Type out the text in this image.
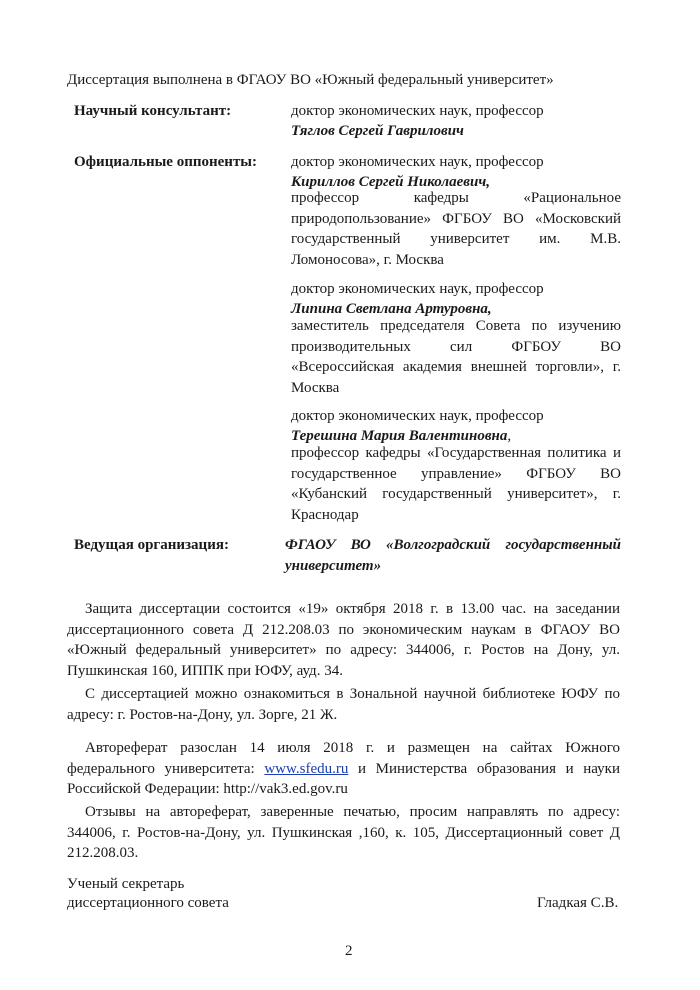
Диссертация выполнена в ФГАОУ ВО «Южный федеральный университет»
Научный консультант:	доктор экономических наук, профессор
Тяглов Сергей Гаврилович
Официальные оппоненты: доктор экономических наук, профессор
Кириллов Сергей Николаевич,
профессор кафедры «Рациональное природопользование» ФГБОУ ВО «Московский государственный университет им. М.В. Ломоносова», г. Москва
доктор экономических наук, профессор
Липина Светлана Артуровна,
заместитель председателя Совета по изучению производительных сил ФГБОУ ВО «Всероссийская академия внешней торговли», г. Москва
доктор экономических наук, профессор
Терешина Мария Валентиновна,
профессор кафедры «Государственная политика и государственное управление» ФГБОУ ВО «Кубанский государственный университет», г. Краснодар
Ведущая организация:	ФГАОУ ВО «Волгоградский государственный университет»
Защита диссертации состоится «19» октября 2018 г. в 13.00 час. на заседании диссертационного совета Д 212.208.03 по экономическим наукам в ФГАОУ ВО «Южный федеральный университет» по адресу: 344006, г. Ростов на Дону, ул. Пушкинская 160, ИППК при ЮФУ, ауд. 34.
С диссертацией можно ознакомиться в Зональной научной библиотеке ЮФУ по адресу: г. Ростов-на-Дону, ул. Зорге, 21 Ж.
Автореферат разослан 14 июля 2018 г. и размещен на сайтах Южного федерального университета: www.sfedu.ru и Министерства образования и науки Российской Федерации: http://vak3.ed.gov.ru
Отзывы на автореферат, заверенные печатью, просим направлять по адресу: 344006, г. Ростов-на-Дону, ул. Пушкинская ,160, к. 105, Диссертационный совет Д 212.208.03.
Ученый секретарь
диссертационного совета	Гладкая С.В.
2
